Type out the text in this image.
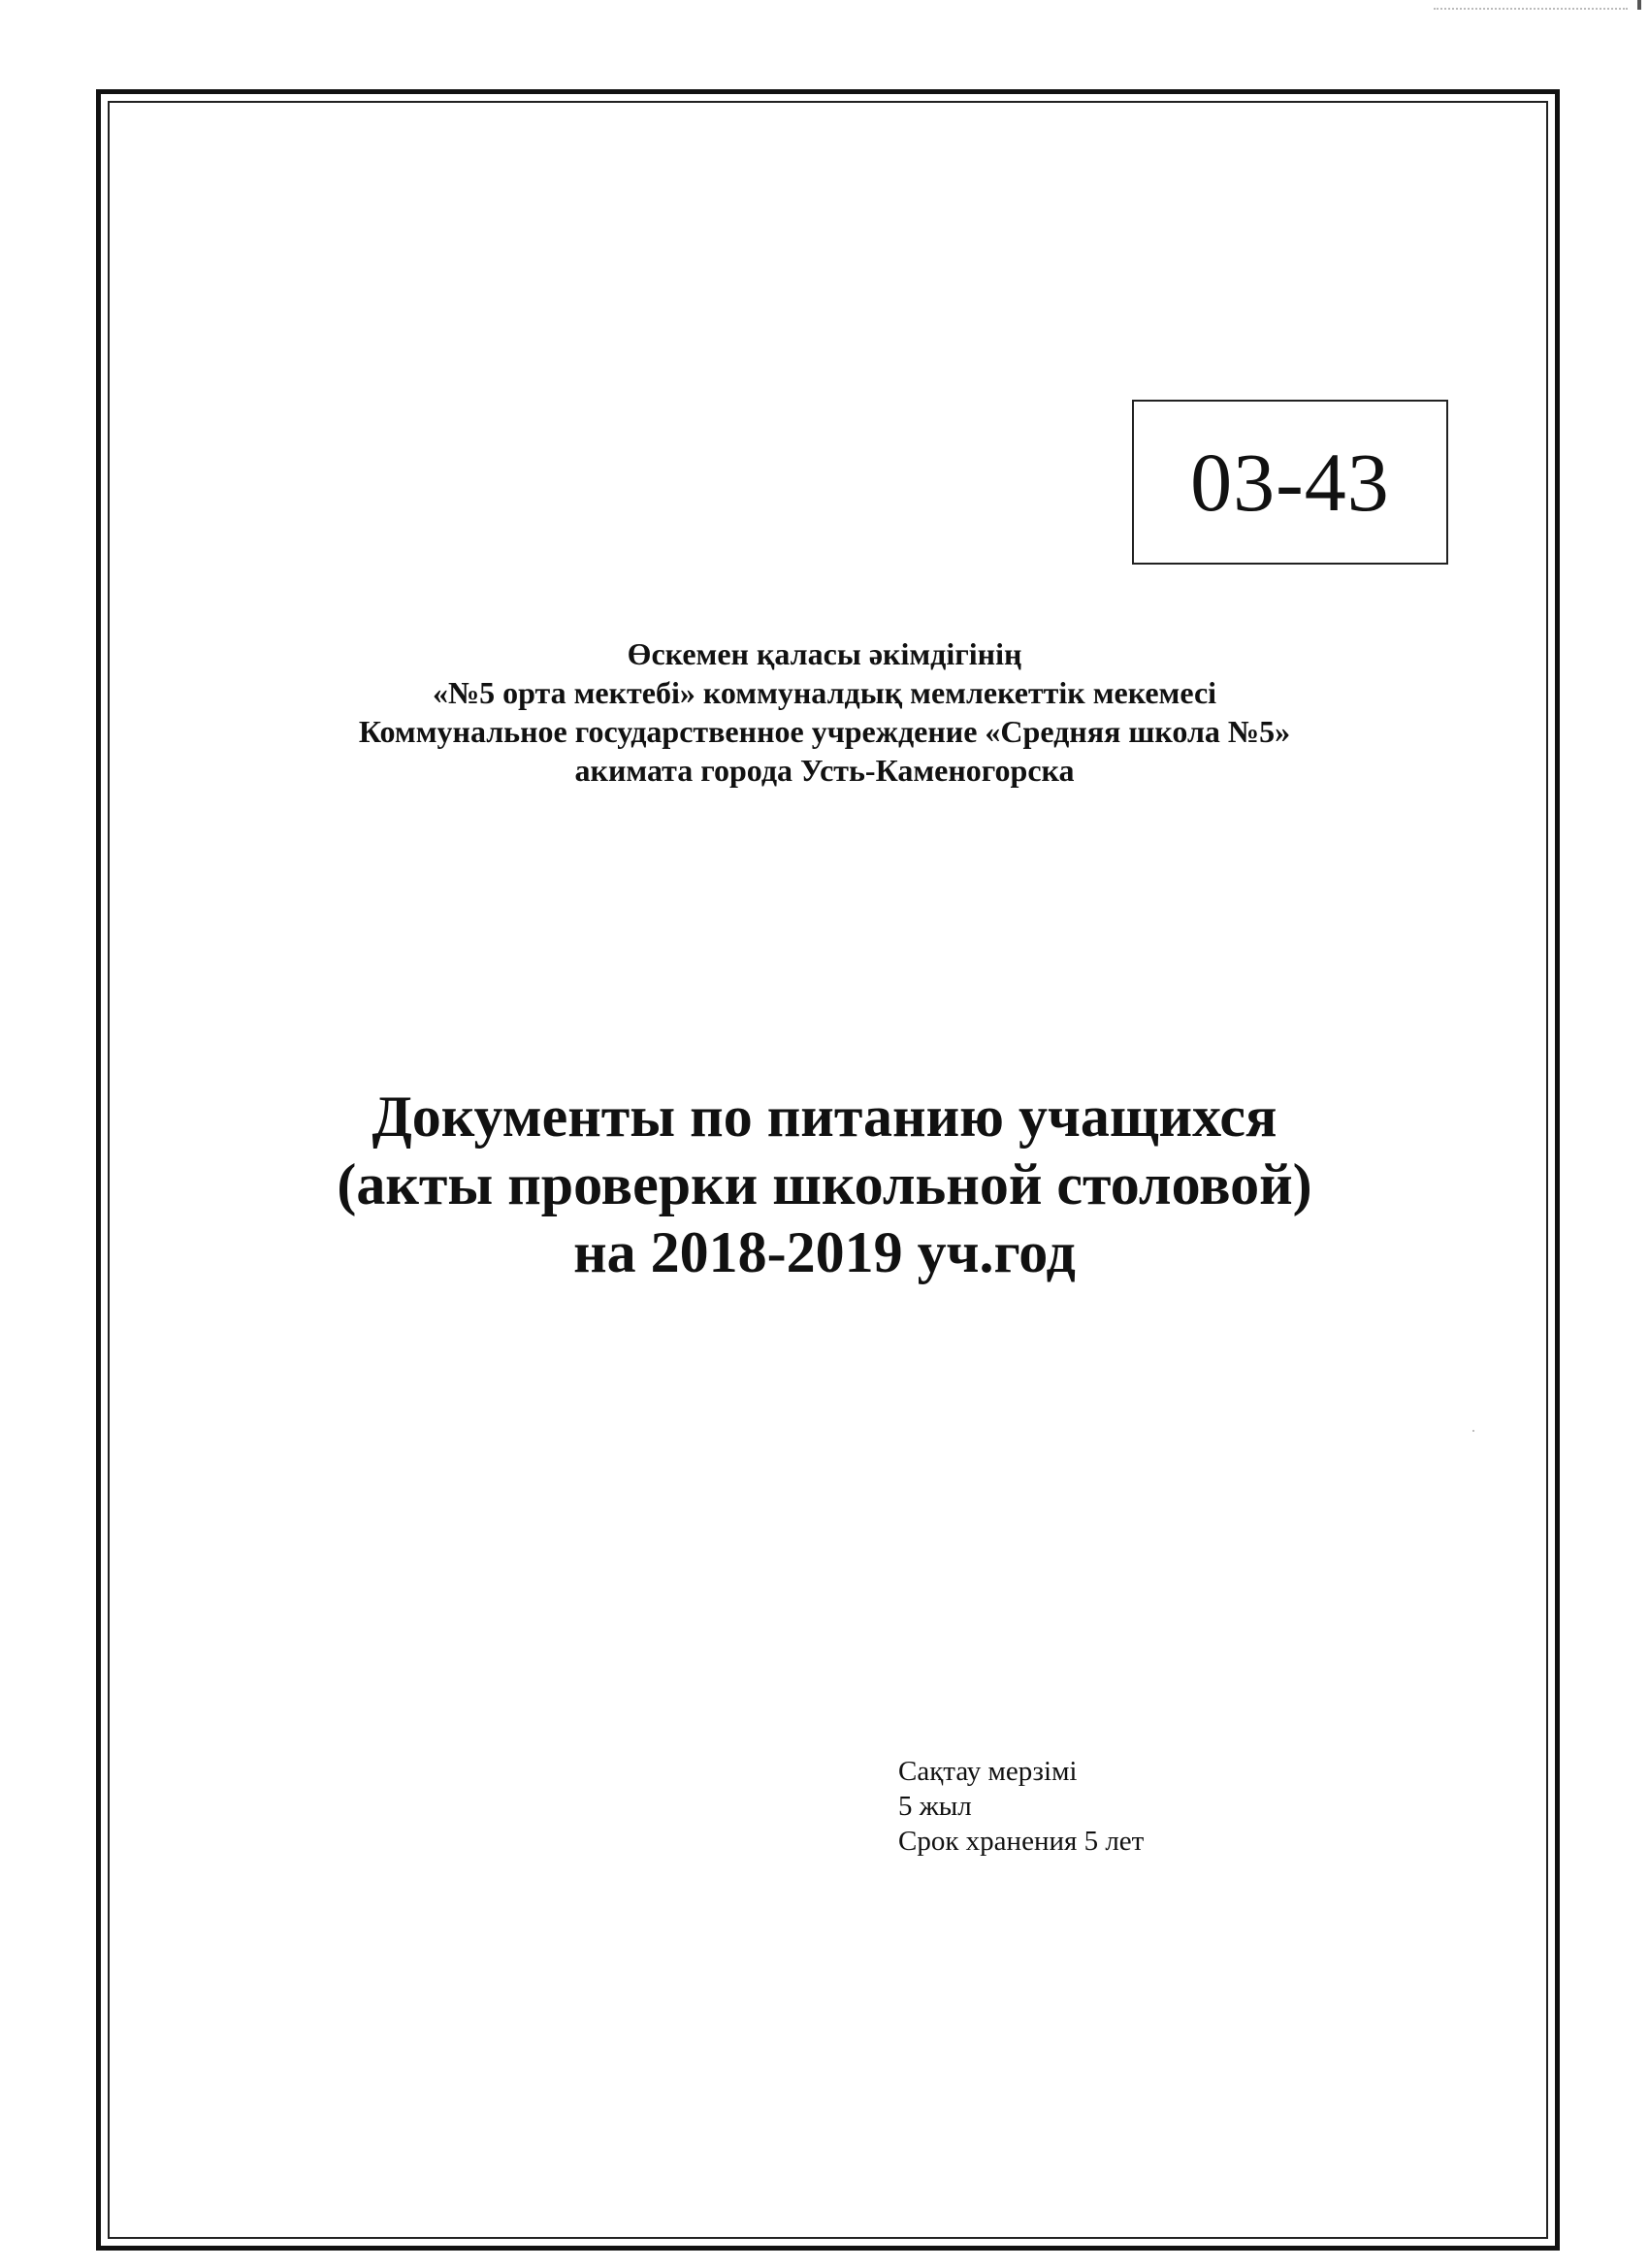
03-43
Өскемен қаласы әкімдігінің
«№5 орта мектебі» коммуналдық мемлекеттік мекемесі
Коммунальное государственное учреждение «Средняя школа №5»
акимата города Усть-Каменогорска
Документы по питанию учащихся
(акты проверки школьной столовой)
на 2018-2019 уч.год
Сақтау мерзімі
5 жыл
Срок хранения 5 лет
